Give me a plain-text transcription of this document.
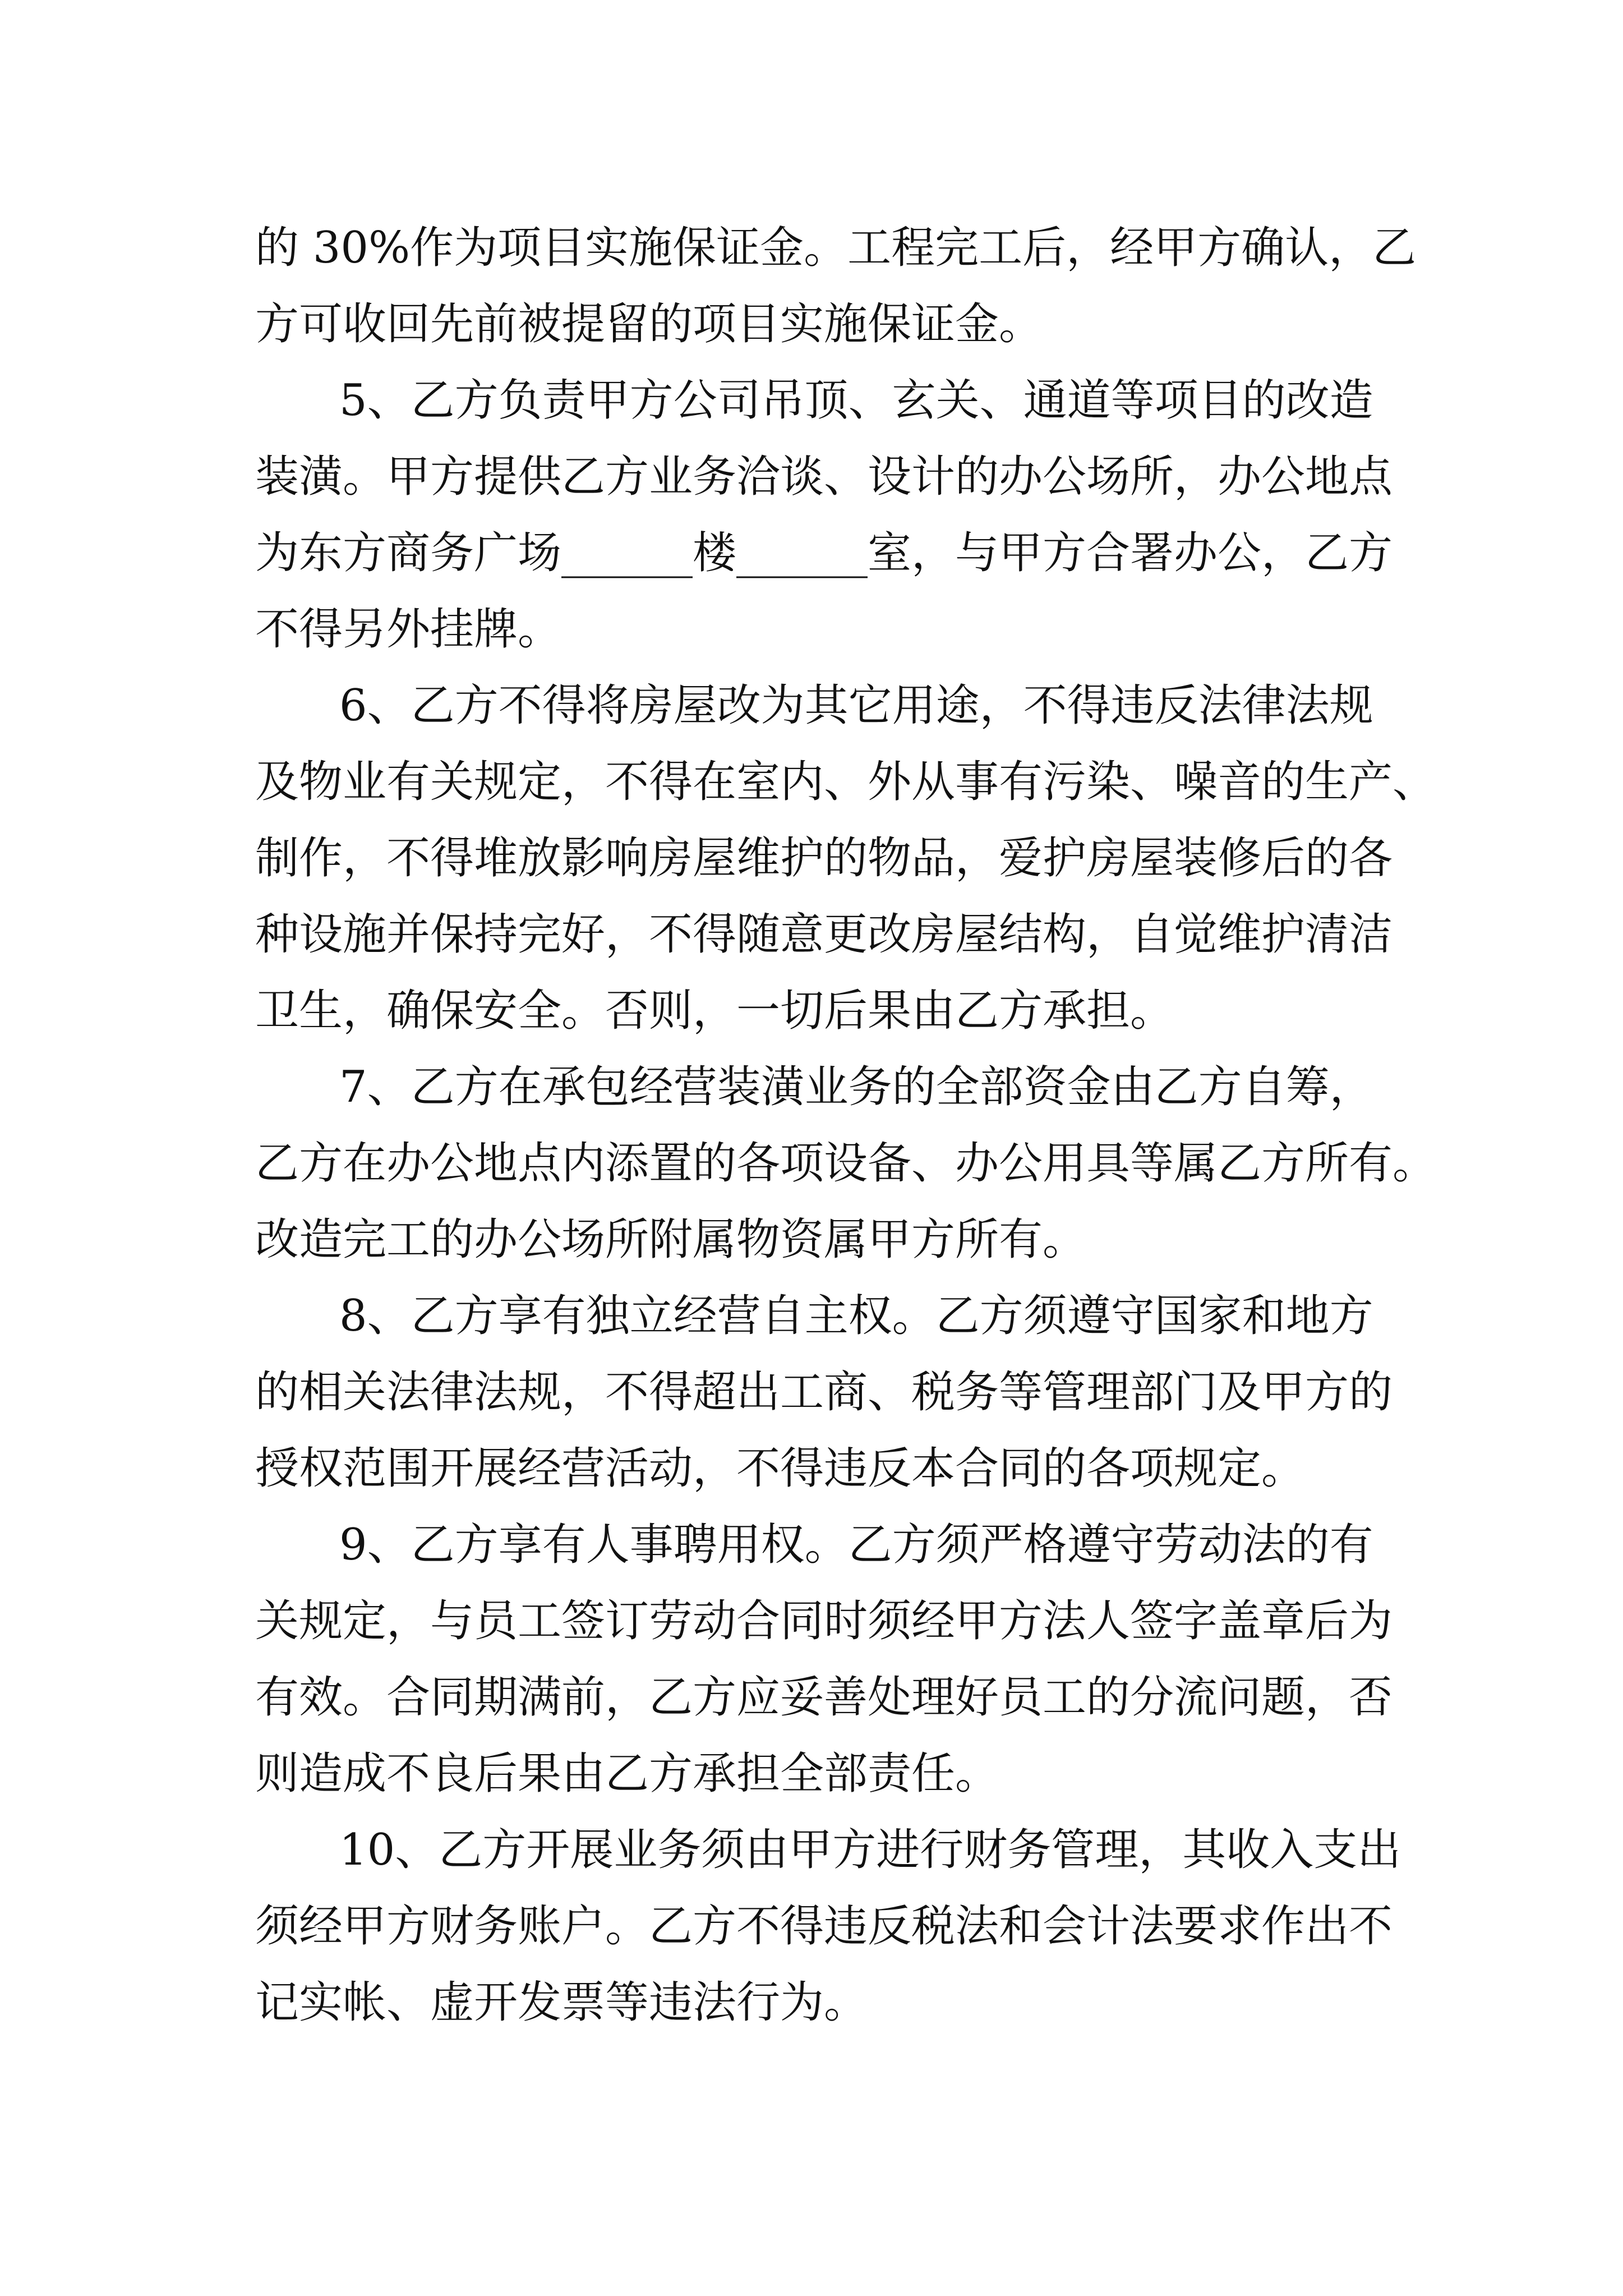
的 30%作为项目实施保证金。工程完工后，经甲方确认，乙
方可收回先前被提留的项目实施保证金。
5、乙方负责甲方公司吊顶、玄关、通道等项目的改造
装潢。甲方提供乙方业务洽谈、设计的办公场所，办公地点
为东方商务广场______楼______室，与甲方合署办公，乙方
不得另外挂牌。
6、乙方不得将房屋改为其它用途，不得违反法律法规
及物业有关规定，不得在室内、外从事有污染、噪音的生产、
制作，不得堆放影响房屋维护的物品，爱护房屋装修后的各
种设施并保持完好，不得随意更改房屋结构，自觉维护清洁
卫生，确保安全。否则，一切后果由乙方承担。
7、乙方在承包经营装潢业务的全部资金由乙方自筹，
乙方在办公地点内添置的各项设备、办公用具等属乙方所有。
改造完工的办公场所附属物资属甲方所有。
8、乙方享有独立经营自主权。乙方须遵守国家和地方
的相关法律法规，不得超出工商、税务等管理部门及甲方的
授权范围开展经营活动，不得违反本合同的各项规定。
9、乙方享有人事聘用权。乙方须严格遵守劳动法的有
关规定，与员工签订劳动合同时须经甲方法人签字盖章后为
有效。合同期满前，乙方应妥善处理好员工的分流问题，否
则造成不良后果由乙方承担全部责任。
10、乙方开展业务须由甲方进行财务管理，其收入支出
须经甲方财务账户。乙方不得违反税法和会计法要求作出不
记实帐、虚开发票等违法行为。
